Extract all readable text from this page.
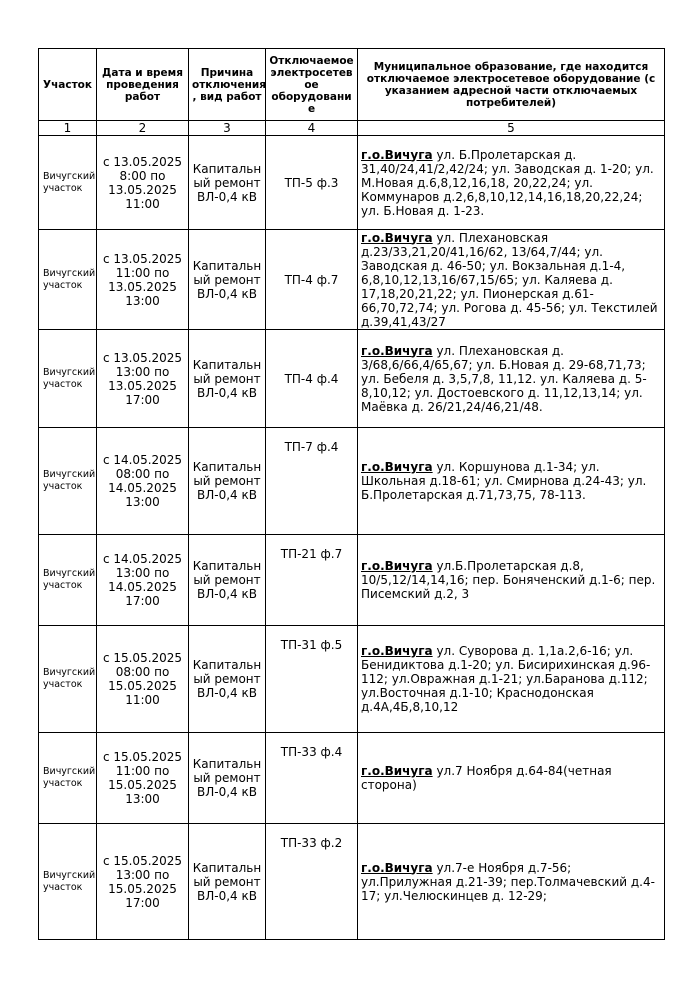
Участок	Дата и время проведения работ	Причина отключения , вид работ	Отключаемое электросетев ое оборудовани е	Муниципальное образование, где находится отключаемое электросетевое оборудование (с указанием адресной части отключаемых потребителей)
1	2	3	4	5
Вичугский участок	с 13.05.2025 8:00 по 13.05.2025 11:00	Капитальн ый ремонт ВЛ-0,4 кВ	ТП-5 ф.3	г.о.Вичуга ул. Б.Пролетарская д. 31,40/24,41/2,42/24; ул. Заводская д. 1-20; ул. М.Новая д.6,8,12,16,18, 20,22,24; ул. Коммунаров д.2,6,8,10,12,14,16,18,20,22,24; ул. Б.Новая д. 1-23.
Вичугский участок	с 13.05.2025 11:00 по 13.05.2025 13:00	Капитальн ый ремонт ВЛ-0,4 кВ	ТП-4 ф.7	г.о.Вичуга ул. Плехановская д.23/33,21,20/41,16/62, 13/64,7/44; ул. Заводская д. 46-50; ул. Вокзальная д.1-4, 6,8,10,12,13,16/67,15/65; ул. Каляева д. 17,18,20,21,22; ул. Пионерская д.61-66,70,72,74; ул. Рогова д. 45-56; ул. Текстилей д.39,41,43/27
Вичугский участок	с 13.05.2025 13:00 по 13.05.2025 17:00	Капитальн ый ремонт ВЛ-0,4 кВ	ТП-4 ф.4	г.о.Вичуга ул. Плехановская д. 3/68,6/66,4/65,67; ул. Б.Новая д. 29-68,71,73; ул. Бебеля д. 3,5,7,8, 11,12. ул. Каляева д. 5-8,10,12; ул. Достоевского д. 11,12,13,14; ул. Маёвка д. 26/21,24/46,21/48.
Вичугский участок	с 14.05.2025 08:00 по 14.05.2025 13:00	Капитальн ый ремонт ВЛ-0,4 кВ	ТП-7 ф.4	г.о.Вичуга ул. Коршунова д.1-34; ул. Школьная д.18-61; ул. Смирнова д.24-43; ул. Б.Пролетарская д.71,73,75, 78-113.
Вичугский участок	с 14.05.2025 13:00 по 14.05.2025 17:00	Капитальн ый ремонт ВЛ-0,4 кВ	ТП-21 ф.7	г.о.Вичуга ул.Б.Пролетарская д.8, 10/5,12/14,14,16; пер. Боняченский д.1-6; пер. Писемский д.2, 3
Вичугский участок	с 15.05.2025 08:00 по 15.05.2025 11:00	Капитальн ый ремонт ВЛ-0,4 кВ	ТП-31 ф.5	г.о.Вичуга ул. Суворова д. 1,1а.2,6-16; ул. Бенидиктова д.1-20; ул. Бисирихинская д.96-112; ул.Овражная д.1-21; ул.Баранова д.112; ул.Восточная д.1-10; Краснодонская д.4А,4Б,8,10,12
Вичугский участок	с 15.05.2025 11:00 по 15.05.2025 13:00	Капитальн ый ремонт ВЛ-0,4 кВ	ТП-33 ф.4	г.о.Вичуга ул.7 Ноября д.64-84(четная сторона)
Вичугский участок	с 15.05.2025 13:00 по 15.05.2025 17:00	Капитальн ый ремонт ВЛ-0,4 кВ	ТП-33 ф.2	г.о.Вичуга ул.7-е Ноября д.7-56; ул.Прилужная д.21-39; пер.Толмачевский д.4-17; ул.Челюскинцев д. 12-29;
